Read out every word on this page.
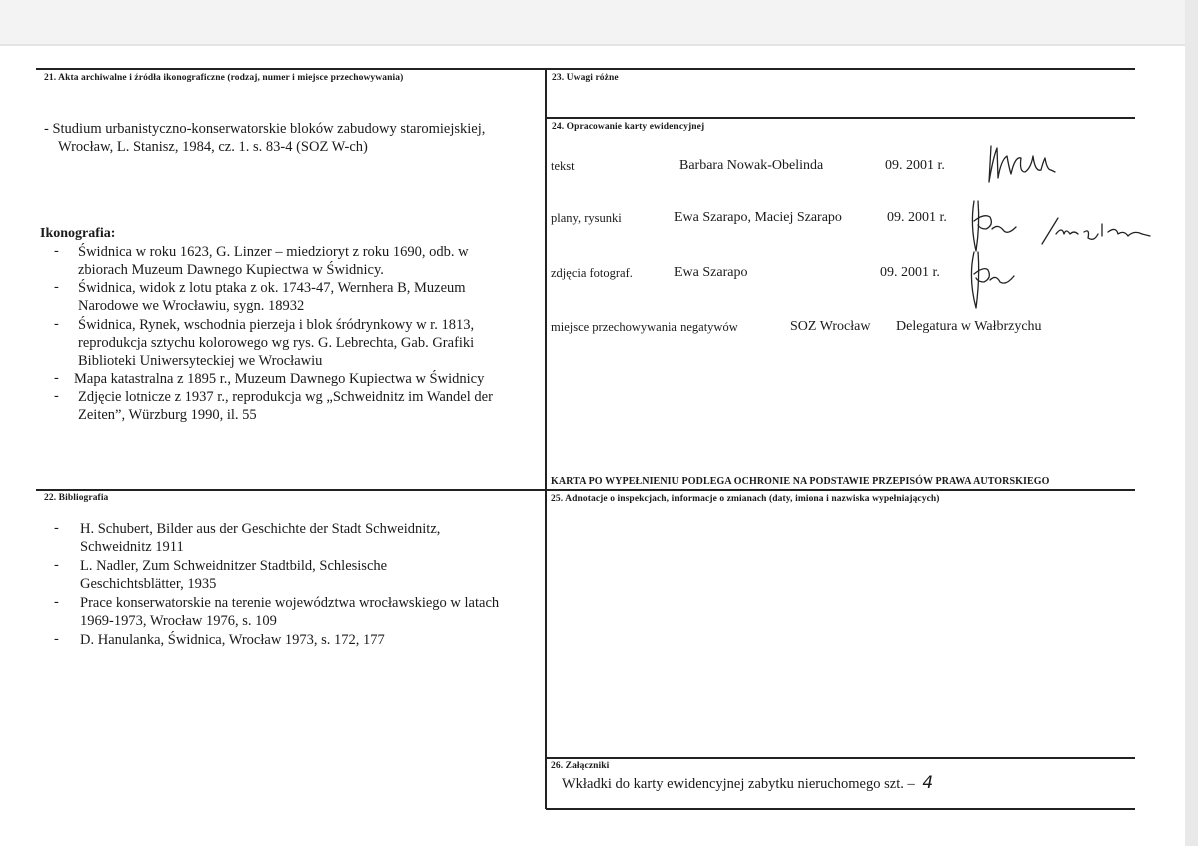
21. Akta archiwalne i źródła ikonograficzne (rodzaj, numer i miejsce przechowywania)
- Studium urbanistyczno-konserwatorskie bloków zabudowy staromiejskiej,
Wrocław, L. Stanisz, 1984, cz. 1. s. 83-4 (SOZ W-ch)
Ikonografia:
- Świdnica w roku 1623, G. Linzer – miedzioryt z roku 1690, odb. w
zbiorach Muzeum Dawnego Kupiectwa w Świdnicy.
- Świdnica, widok z lotu ptaka z ok. 1743-47, Wernhera B, Muzeum
Narodowe we Wrocławiu, sygn. 18932
- Świdnica, Rynek, wschodnia pierzeja i blok śródrynkowy w r. 1813,
reprodukcja sztychu kolorowego wg rys. G. Lebrechta, Gab. Grafiki
Biblioteki Uniwersyteckiej we Wrocławiu
- Mapa katastralna z 1895 r., Muzeum Dawnego Kupiectwa w Świdnicy
- Zdjęcie lotnicze z 1937 r., reprodukcja wg „Schweidnitz im Wandel der
Zeiten”, Würzburg 1990, il. 55
22. Bibliografia
- H. Schubert, Bilder aus der Geschichte der Stadt Schweidnitz,
Schweidnitz 1911
- L. Nadler, Zum Schweidnitzer Stadtbild, Schlesische
Geschichtsblätter, 1935
- Prace konserwatorskie na terenie województwa wrocławskiego w latach
1969-1973, Wrocław 1976, s. 109
- D. Hanulanka, Świdnica, Wrocław 1973, s. 172, 177
23. Uwagi różne
24. Opracowanie karty ewidencyjnej
tekst	Barbara Nowak-Obelinda	09. 2001 r.
plany, rysunki	Ewa Szarapo, Maciej Szarapo	09. 2001 r.
zdjęcia fotograf.	Ewa Szarapo	09. 2001 r.
miejsce przechowywania negatywów	SOZ Wrocław Delegatura w Wałbrzychu
KARTA PO WYPEŁNIENIU PODLEGA OCHRONIE NA PODSTAWIE PRZEPISÓW PRAWA AUTORSKIEGO
25. Adnotacje o inspekcjach, informacje o zmianach (daty, imiona i nazwiska wypełniających)
26. Załączniki
Wkładki do karty ewidencyjnej zabytku nieruchomego szt. – 4
